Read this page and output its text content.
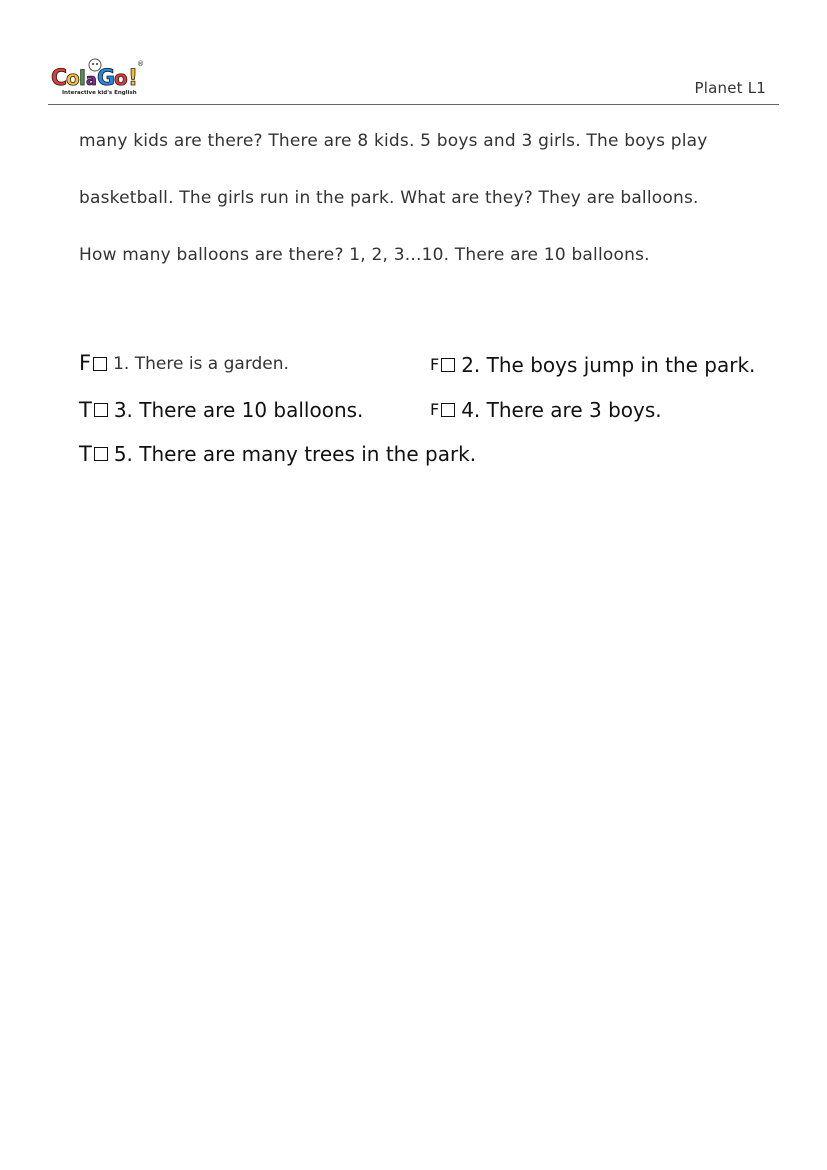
C
o l a G
o !
®
Interactive kid's English	Planet L1
many kids are there? There are 8 kids. 5 boys and 3 girls. The boys play
basketball. The girls run in the park. What are they? They are balloons.
How many balloons are there? 1, 2, 3...10. There are 10 balloons.
F 1. There is a garden.	F 2. The boys jump in the park.
T 3. There are 10 balloons.	F 4. There are 3 boys.
T 5. There are many trees in the park.
